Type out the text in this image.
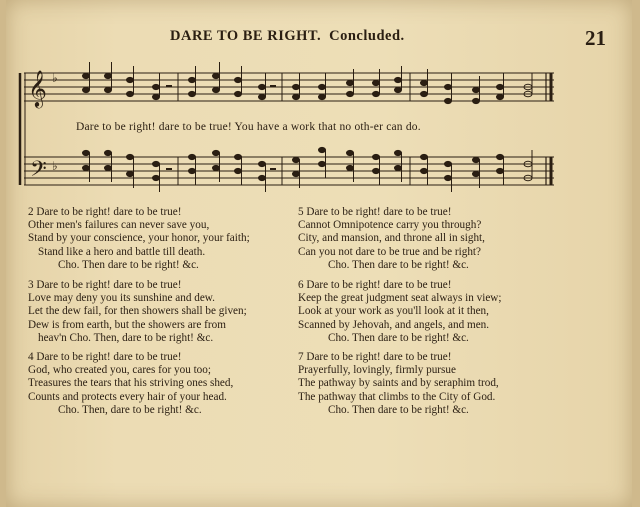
DARE TO BE RIGHT. Concluded.	21
𝄞
𝄢
♭
♭
Dare to be right! dare to be true! You have a work that no oth-er can do.
2 Dare to be right! dare to be true!
Other men's failures can never save you,
Stand by your conscience, your honor, your faith;
Stand like a hero and battle till death.
Cho. Then dare to be right! &c.
5 Dare to be right! dare to be true!
Cannot Omnipotence carry you through?
City, and mansion, and throne all in sight,
Can you not dare to be true and be right?
Cho. Then dare to be right! &c.
3 Dare to be right! dare to be true!
Love may deny you its sunshine and dew.
Let the dew fail, for then showers shall be given;
Dew is from earth, but the showers are from
heav'n Cho. Then, dare to be right! &c.
6 Dare to be right! dare to be true!
Keep the great judgment seat always in view;
Look at your work as you'll look at it then,
Scanned by Jehovah, and angels, and men.
Cho. Then dare to be right! &c.
4 Dare to be right! dare to be true!
God, who created you, cares for you too;
Treasures the tears that his striving ones shed,
Counts and protects every hair of your head.
Cho. Then, dare to be right! &c.
7 Dare to be right! dare to be true!
Prayerfully, lovingly, firmly pursue
The pathway by saints and by seraphim trod,
The pathway that climbs to the City of God.
Cho. Then dare to be right! &c.
